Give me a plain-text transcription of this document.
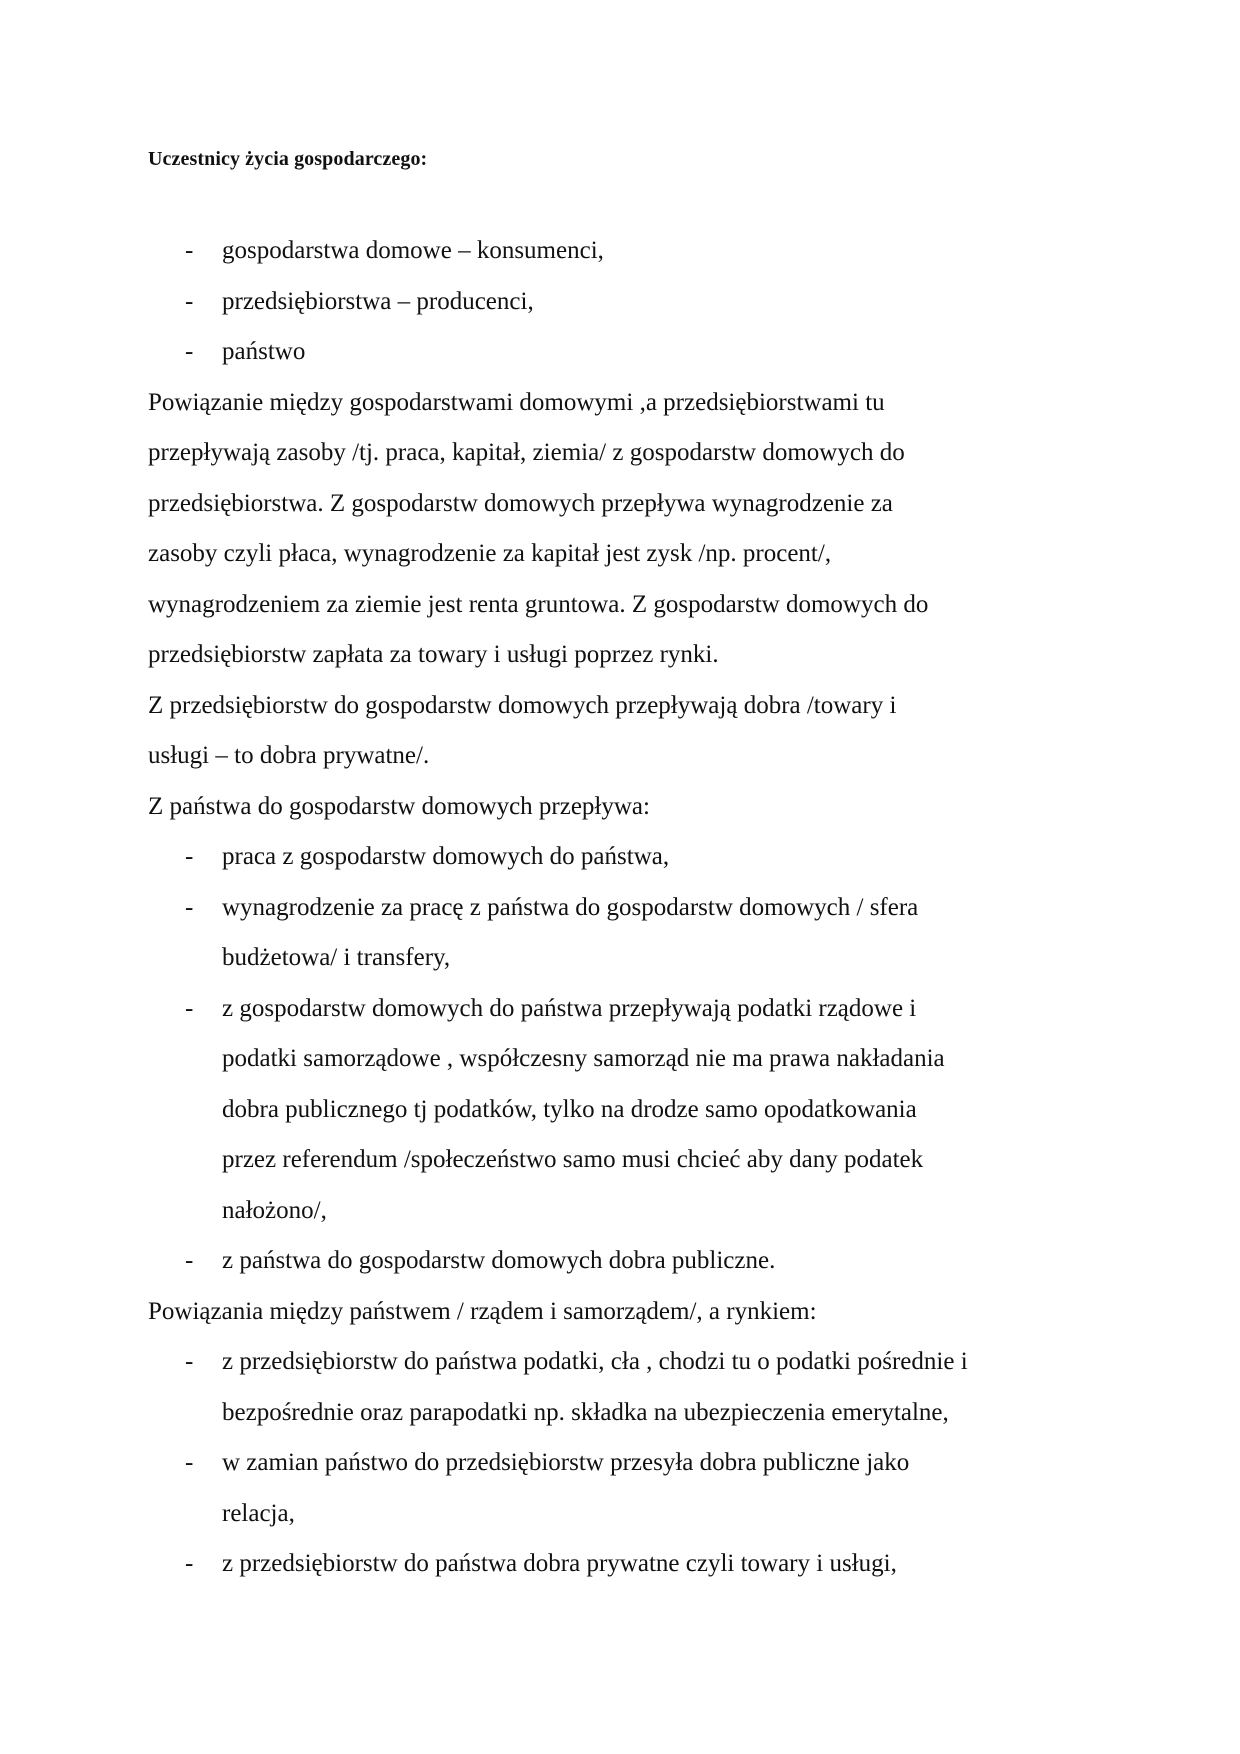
Uczestnicy życia gospodarczego:
- gospodarstwa domowe – konsumenci,
- przedsiębiorstwa – producenci,
- państwo
Powiązanie między gospodarstwami domowymi ,a przedsiębiorstwami tu
przepływają zasoby /tj. praca, kapitał, ziemia/ z gospodarstw domowych do
przedsiębiorstwa. Z gospodarstw domowych przepływa wynagrodzenie za
zasoby czyli płaca, wynagrodzenie za kapitał jest zysk /np. procent/,
wynagrodzeniem za ziemie jest renta gruntowa. Z gospodarstw domowych do
przedsiębiorstw zapłata za towary i usługi poprzez rynki.
Z przedsiębiorstw do gospodarstw domowych przepływają dobra /towary i
usługi – to dobra prywatne/.
Z państwa do gospodarstw domowych przepływa:
- praca z gospodarstw domowych do państwa,
- wynagrodzenie za pracę z państwa do gospodarstw domowych / sfera
budżetowa/ i transfery,
- z gospodarstw domowych do państwa przepływają podatki rządowe i
podatki samorządowe , współczesny samorząd nie ma prawa nakładania
dobra publicznego tj podatków, tylko na drodze samo opodatkowania
przez referendum /społeczeństwo samo musi chcieć aby dany podatek
nałożono/,
- z państwa do gospodarstw domowych dobra publiczne.
Powiązania między państwem / rządem i samorządem/, a rynkiem:
- z przedsiębiorstw do państwa podatki, cła , chodzi tu o podatki pośrednie i
bezpośrednie oraz parapodatki np. składka na ubezpieczenia emerytalne,
- w zamian państwo do przedsiębiorstw przesyła dobra publiczne jako
relacja,
- z przedsiębiorstw do państwa dobra prywatne czyli towary i usługi,
